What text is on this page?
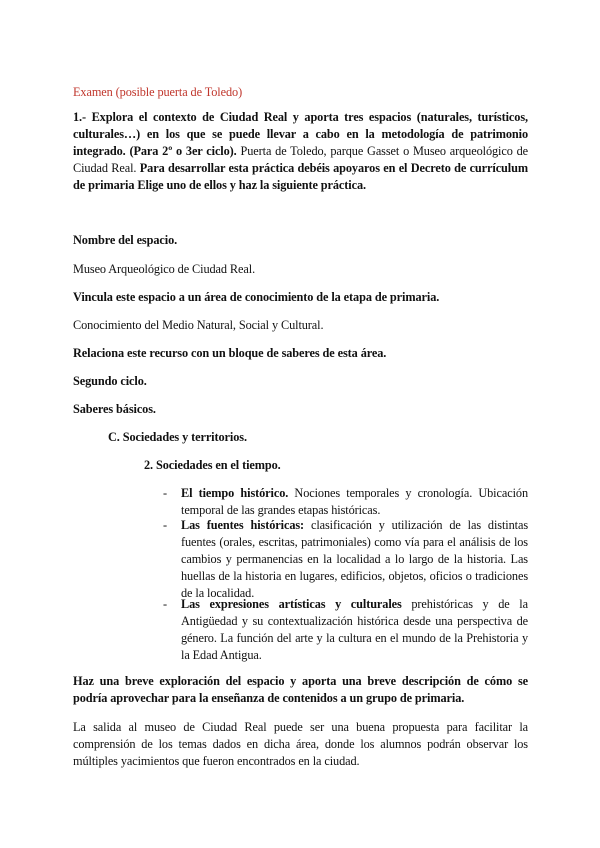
Examen (posible puerta de Toledo)
1.- Explora el contexto de Ciudad Real y aporta tres espacios (naturales, turísticos, culturales…) en los que se puede llevar a cabo en la metodología de patrimonio integrado. (Para 2º o 3er ciclo). Puerta de Toledo, parque Gasset o Museo arqueológico de Ciudad Real. Para desarrollar esta práctica debéis apoyaros en el Decreto de currículum de primaria Elige uno de ellos y haz la siguiente práctica.
Nombre del espacio.
Museo Arqueológico de Ciudad Real.
Vincula este espacio a un área de conocimiento de la etapa de primaria.
Conocimiento del Medio Natural, Social y Cultural.
Relaciona este recurso con un bloque de saberes de esta área.
Segundo ciclo.
Saberes básicos.
C. Sociedades y territorios.
2. Sociedades en el tiempo.
- El tiempo histórico. Nociones temporales y cronología. Ubicación temporal de las grandes etapas históricas.
- Las fuentes históricas: clasificación y utilización de las distintas fuentes (orales, escritas, patrimoniales) como vía para el análisis de los cambios y permanencias en la localidad a lo largo de la historia. Las huellas de la historia en lugares, edificios, objetos, oficios o tradiciones de la localidad.
- Las expresiones artísticas y culturales prehistóricas y de la Antigüedad y su contextualización histórica desde una perspectiva de género. La función del arte y la cultura en el mundo de la Prehistoria y la Edad Antigua.
Haz una breve exploración del espacio y aporta una breve descripción de cómo se podría aprovechar para la enseñanza de contenidos a un grupo de primaria.
La salida al museo de Ciudad Real puede ser una buena propuesta para facilitar la comprensión de los temas dados en dicha área, donde los alumnos podrán observar los múltiples yacimientos que fueron encontrados en la ciudad.
